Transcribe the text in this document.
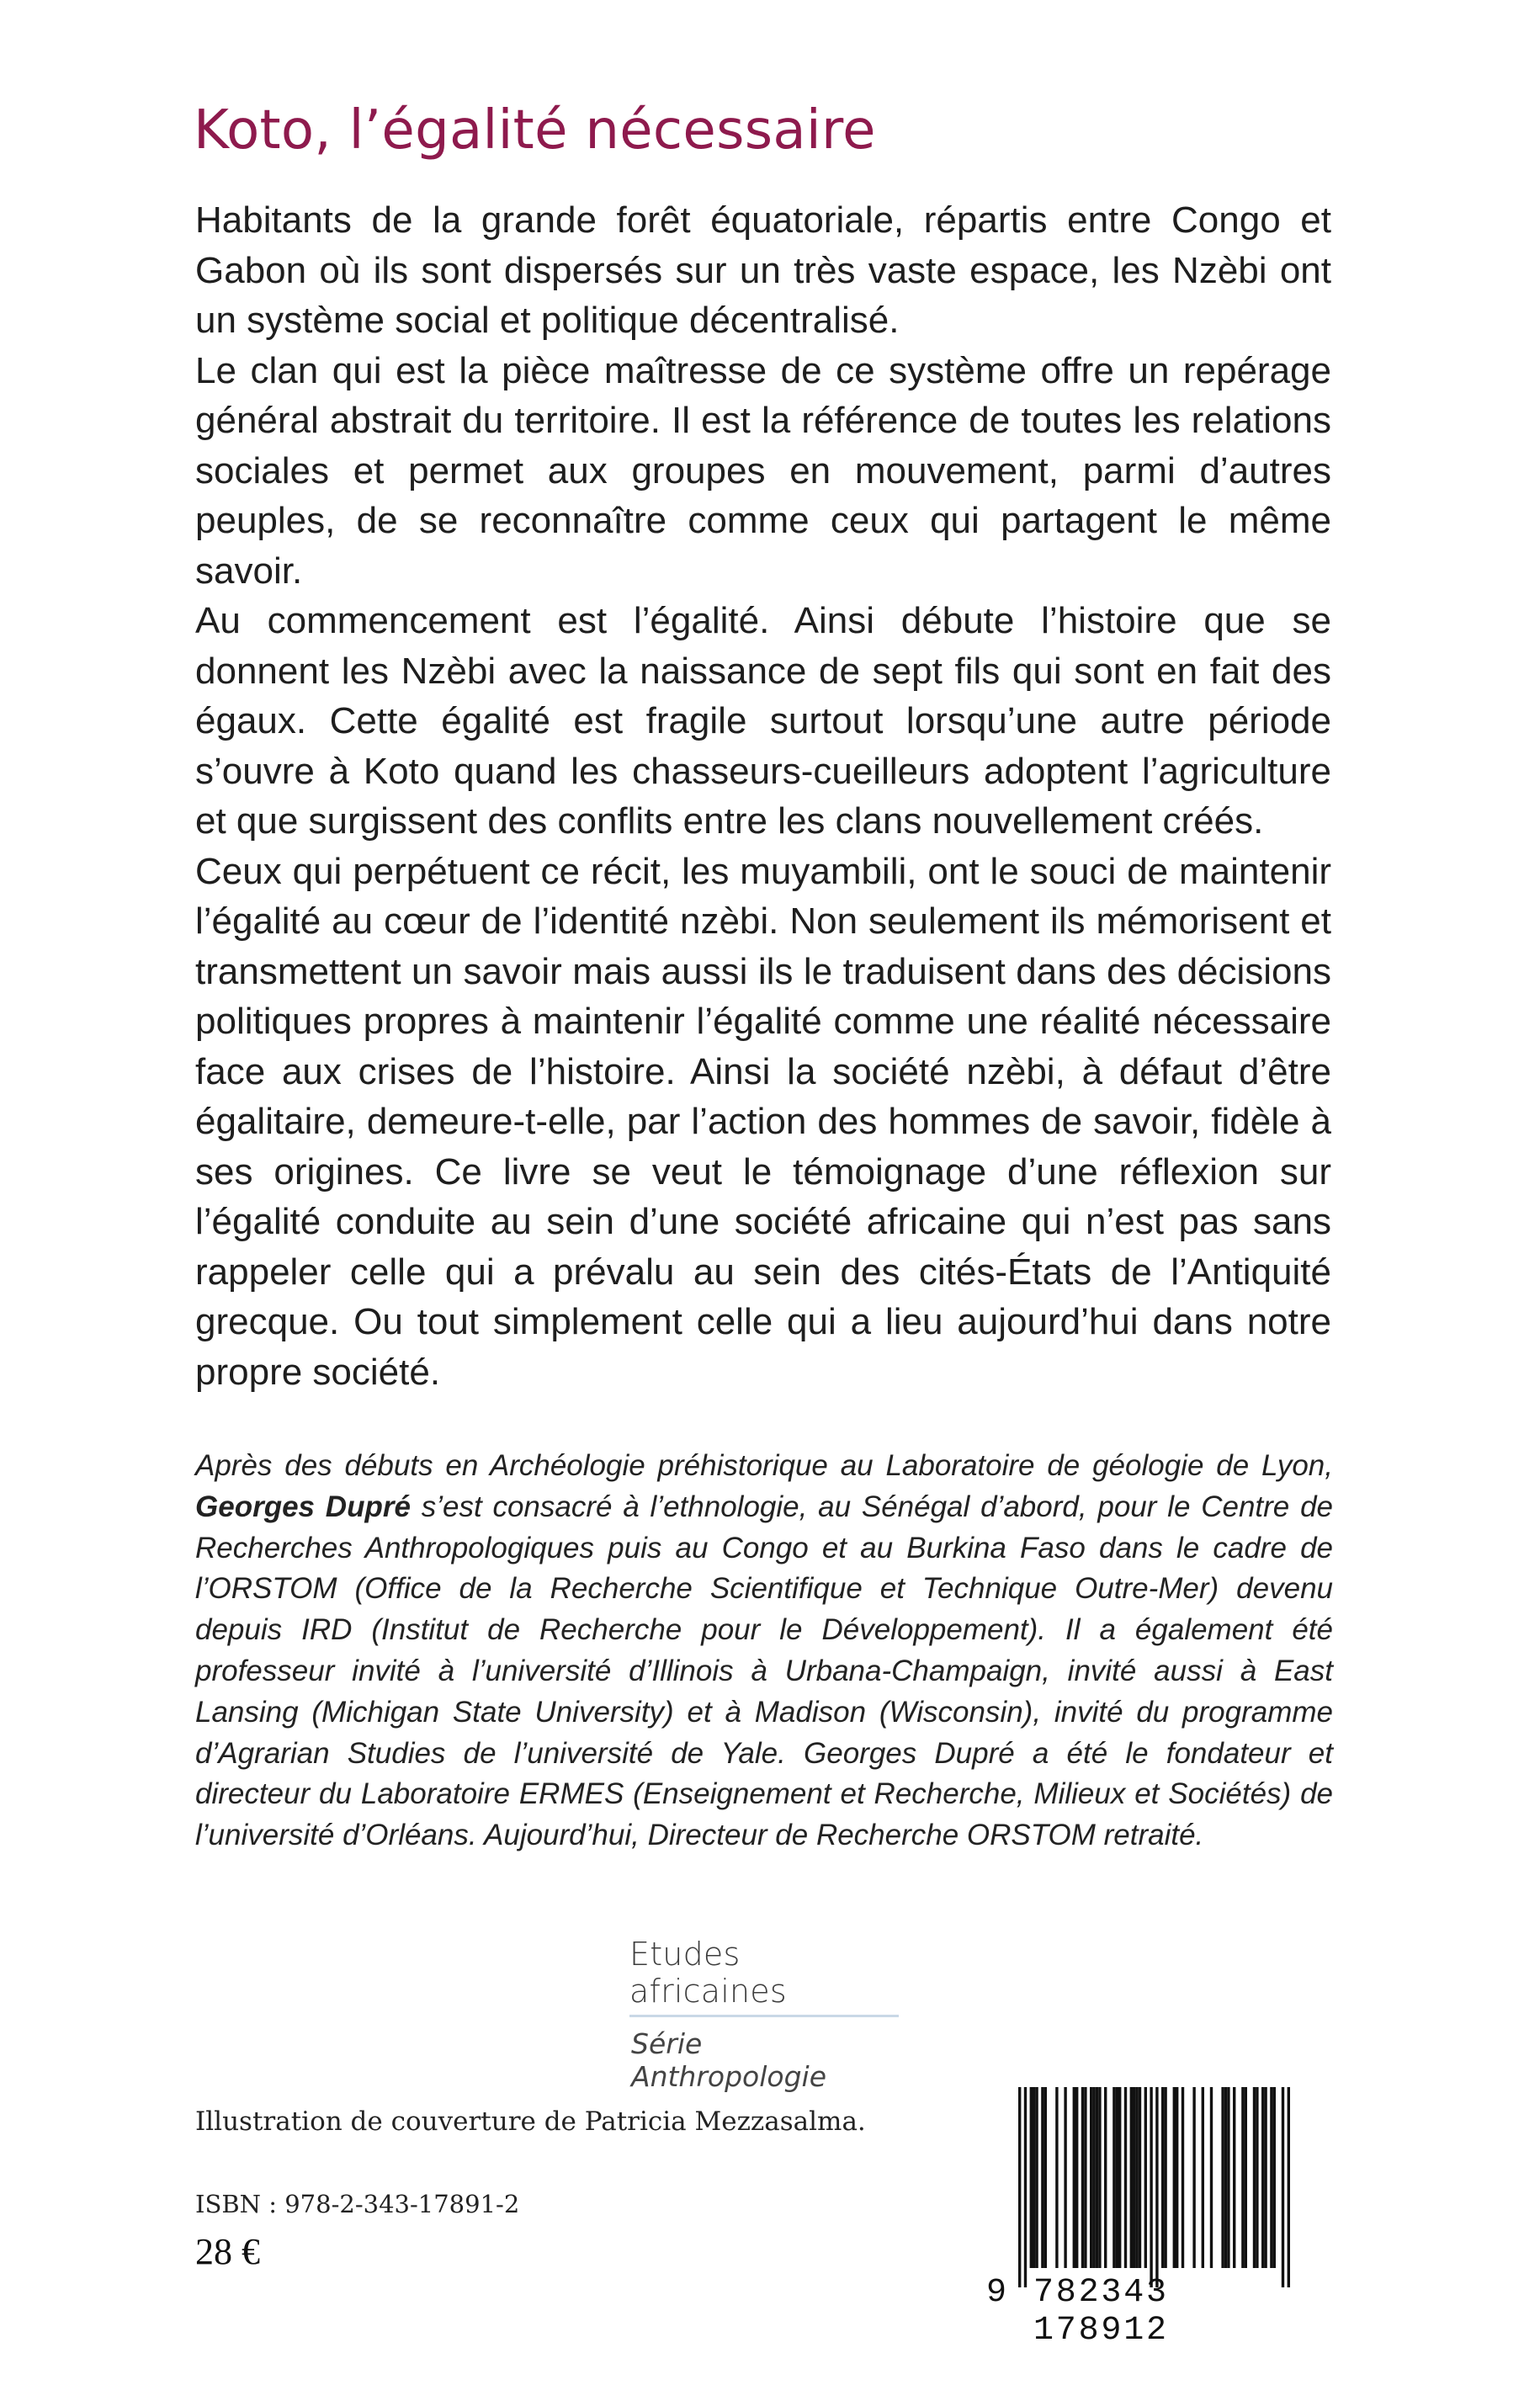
Koto, l’égalité nécessaire

Habitants de la grande forêt équatoriale, répartis entre Congo et Gabon où ils sont dispersés sur un très vaste espace, les Nzèbi ont un système social et politique décentralisé.

Le clan qui est la pièce maîtresse de ce système offre un repérage général abstrait du territoire. Il est la référence de toutes les relations sociales et permet aux groupes en mouvement, parmi d’autres peuples, de se reconnaître comme ceux qui partagent le même savoir.

Au commencement est l’égalité. Ainsi débute l’histoire que se donnent les Nzèbi avec la naissance de sept fils qui sont en fait des égaux. Cette égalité est fragile surtout lorsqu’une autre période s’ouvre à Koto quand les chasseurs-cueilleurs adoptent l’agriculture et que surgissent des conflits entre les clans nouvellement créés.

Ceux qui perpétuent ce récit, les muyambili, ont le souci de maintenir l’égalité au cœur de l’identité nzèbi. Non seulement ils mémorisent et transmettent un savoir mais aussi ils le traduisent dans des décisions politiques propres à maintenir l’égalité comme une réalité nécessaire face aux crises de l’histoire. Ainsi la société nzèbi, à défaut d’être égalitaire, demeure-t-elle, par l’action des hommes de savoir, fidèle à ses origines. Ce livre se veut le témoignage d’une réflexion sur l’égalité conduite au sein d’une société africaine qui n’est pas sans rappeler celle qui a prévalu au sein des cités-États de l’Antiquité grecque. Ou tout simplement celle qui a lieu aujourd’hui dans notre propre société.

Après des débuts en Archéologie préhistorique au Laboratoire de géologie de Lyon, Georges Dupré s’est consacré à l’ethnologie, au Sénégal d’abord, pour le Centre de Recherches Anthropologiques puis au Congo et au Burkina Faso dans le cadre de l’ORSTOM (Office de la Recherche Scientifique et Technique Outre-Mer) devenu depuis IRD (Institut de Recherche pour le Développement). Il a également été professeur invité à l’université d’Illinois à Urbana-Champaign, invité aussi à East Lansing (Michigan State University) et à Madison (Wisconsin), invité du programme d’Agrarian Studies de l’université de Yale. Georges Dupré a été le fondateur et directeur du Laboratoire ERMES (Enseignement et Recherche, Milieux et Sociétés) de l’université d’Orléans. Aujourd’hui, Directeur de Recherche ORSTOM retraité.

Etudes africaines
Série Anthropologie
Illustration de couverture de Patricia Mezzasalma.
ISBN : 978-2-343-17891-2
28 €
9 782343 178912
